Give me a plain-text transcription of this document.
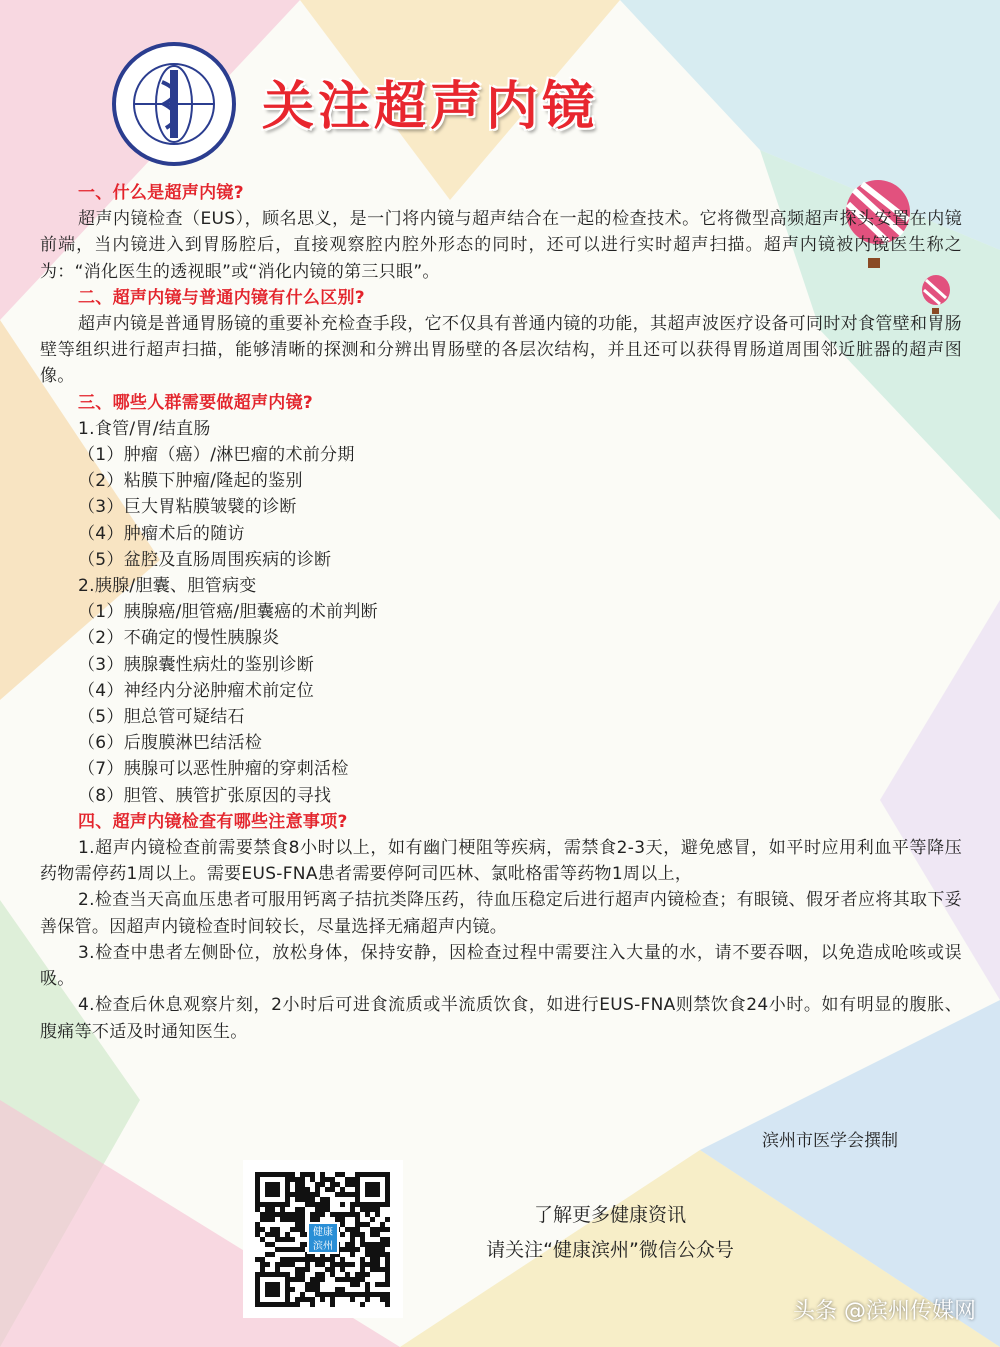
关注超声内镜
一、什么是超声内镜?
超声内镜检查（EUS），顾名思义，是一门将内镜与超声结合在一起的检查技术。它将微型高频超声探头安置在内镜前端，当内镜进入到胃肠腔后，直接观察腔内腔外形态的同时，还可以进行实时超声扫描。超声内镜被内镜医生称之为：“消化医生的透视眼”或“消化内镜的第三只眼”。
二、超声内镜与普通内镜有什么区别?
超声内镜是普通胃肠镜的重要补充检查手段，它不仅具有普通内镜的功能，其超声波医疗设备可同时对食管壁和胃肠壁等组织进行超声扫描，能够清晰的探测和分辨出胃肠壁的各层次结构，并且还可以获得胃肠道周围邻近脏器的超声图像。
三、哪些人群需要做超声内镜?
1.食管/胃/结直肠
（1）肿瘤（癌）/淋巴瘤的术前分期
（2）粘膜下肿瘤/隆起的鉴别
（3）巨大胃粘膜皱襞的诊断
（4）肿瘤术后的随访
（5）盆腔及直肠周围疾病的诊断
2.胰腺/胆囊、胆管病变
（1）胰腺癌/胆管癌/胆囊癌的术前判断
（2）不确定的慢性胰腺炎
（3）胰腺囊性病灶的鉴别诊断
（4）神经内分泌肿瘤术前定位
（5）胆总管可疑结石
（6）后腹膜淋巴结活检
（7）胰腺可以恶性肿瘤的穿刺活检
（8）胆管、胰管扩张原因的寻找
四、超声内镜检查有哪些注意事项?
1.超声内镜检查前需要禁食8小时以上，如有幽门梗阻等疾病，需禁食2-3天，避免感冒，如平时应用利血平等降压药物需停药1周以上。需要EUS-FNA患者需要停阿司匹林、氯吡格雷等药物1周以上，
2.检查当天高血压患者可服用钙离子拮抗类降压药，待血压稳定后进行超声内镜检查；有眼镜、假牙者应将其取下妥善保管。因超声内镜检查时间较长，尽量选择无痛超声内镜。
3.检查中患者左侧卧位，放松身体，保持安静，因检查过程中需要注入大量的水，请不要吞咽，以免造成呛咳或误吸。
4.检查后休息观察片刻，2小时后可进食流质或半流质饮食，如进行EUS-FNA则禁饮食24小时。如有明显的腹胀、腹痛等不适及时通知医生。
滨州市医学会撰制
健康
滨州
了解更多健康资讯
请关注“健康滨州”微信公众号
头条 @滨州传媒网
